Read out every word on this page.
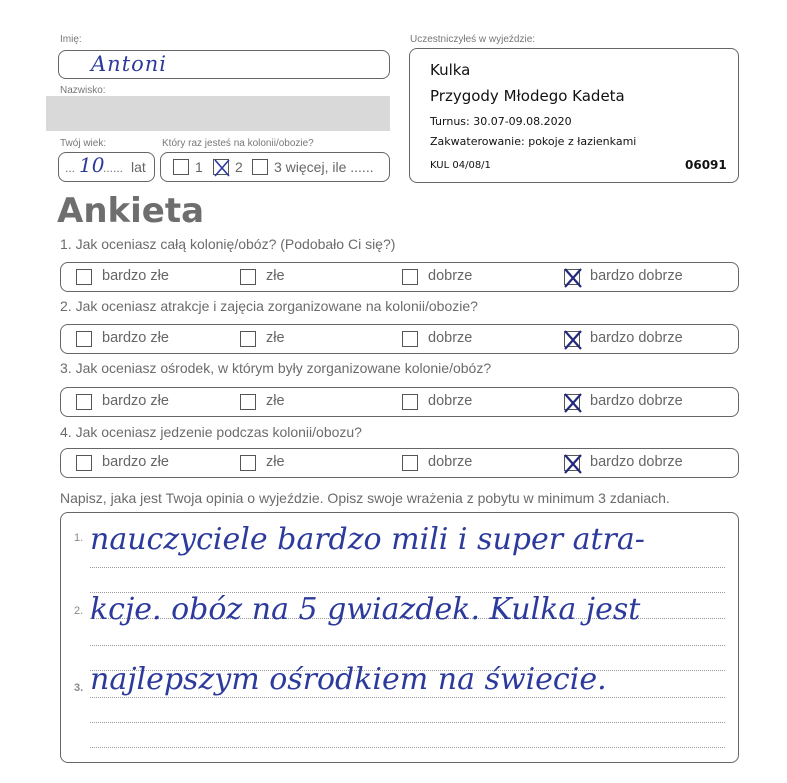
Imię:
Antoni
Nazwisko:
Twój wiek:
... 10
...... lat
Który raz jesteś na kolonii/obozie?
1 2 3 więcej, ile ......
Uczestniczyłeś w wyjeździe:
Kulka
Przygody Młodego Kadeta
Turnus: 30.07-09.08.2020
Zakwaterowanie: pokoje z łazienkami
KUL 04/08/1	06091
Ankieta
1. Jak oceniasz całą kolonię/obóz? (Podobało Ci się?)
bardzo złe	złe	dobrze	bardzo dobrze
2. Jak oceniasz atrakcje i zajęcia zorganizowane na kolonii/obozie?
bardzo złe	złe	dobrze	bardzo dobrze
3. Jak oceniasz ośrodek, w którym były zorganizowane kolonie/obóz?
bardzo złe	złe	dobrze	bardzo dobrze
4. Jak oceniasz jedzenie podczas kolonii/obozu?
bardzo złe	złe	dobrze	bardzo dobrze
Napisz, jaka jest Twoja opinia o wyjeździe. Opisz swoje wrażenia z pobytu w minimum 3 zdaniach.
1.
2.
3.
nauczyciele bardzo mili i super atra-
kcje. obóz na 5 gwiazdek. Kulka jest
najlepszym ośrodkiem na świecie.
